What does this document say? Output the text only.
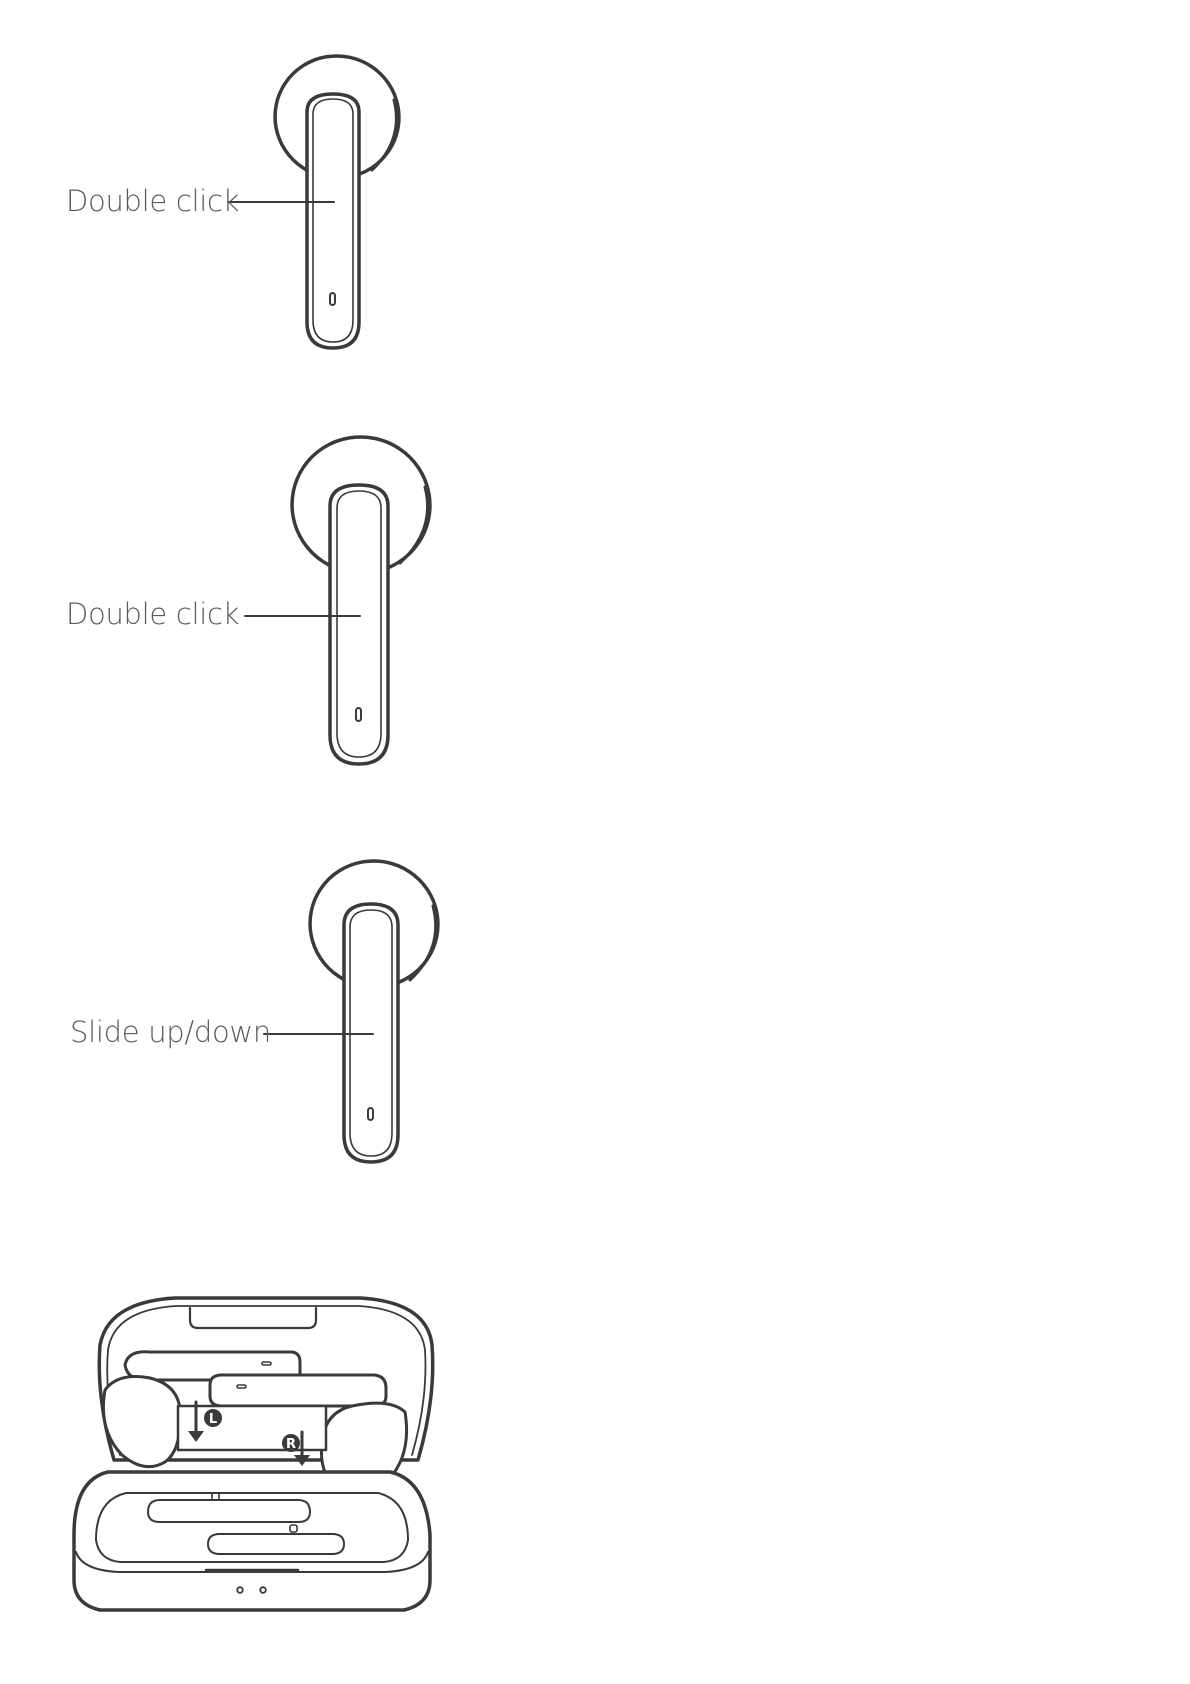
L
R
Double click
Double click
Slide up/down
